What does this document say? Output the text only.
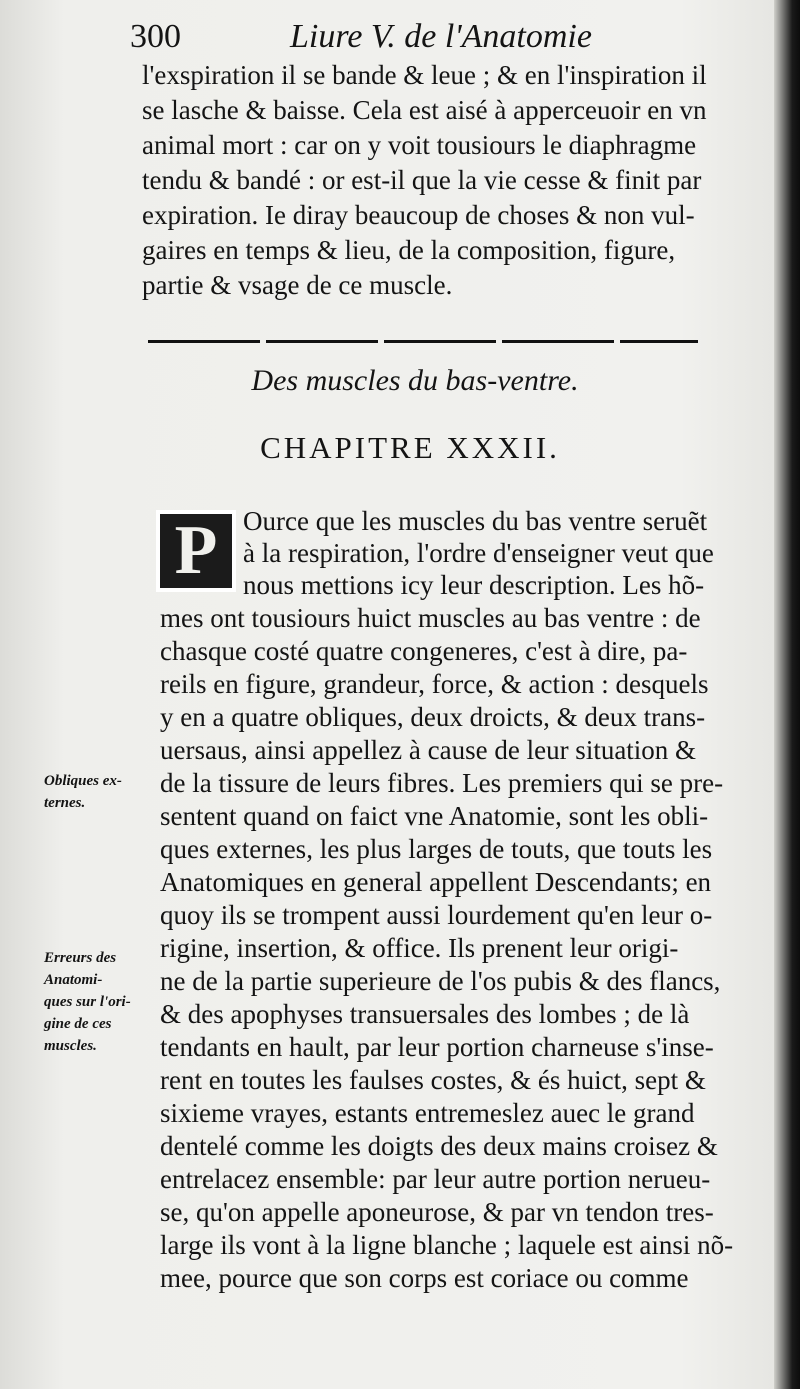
300	Liure V. de l'Anatomie
l'exspiration il se bande & leue ; & en l'inspiration il
se lasche & baisse. Cela est aisé à apperceuoir en vn
animal mort : car on y voit tousiours le diaphragme
tendu & bandé : or est-il que la vie cesse & finit par
expiration. Ie diray beaucoup de choses & non vul-
gaires en temps & lieu, de la composition, figure,
partie & vsage de ce muscle.
Des muscles du bas-ventre.
CHAPITRE XXXII.
P Ource que les muscles du bas ventre seruẽt
à la respiration, l'ordre d'enseigner veut que
nous mettions icy leur description. Les hõ-
mes ont tousiours huict muscles au bas ventre : de
chasque costé quatre congeneres, c'est à dire, pa-
reils en figure, grandeur, force, & action : desquels
y en a quatre obliques, deux droicts, & deux trans-
uersaus, ainsi appellez à cause de leur situation &
de la tissure de leurs fibres. Les premiers qui se pre-
sentent quand on faict vne Anatomie, sont les obli-
ques externes, les plus larges de touts, que touts les
Anatomiques en general appellent Descendants; en
quoy ils se trompent aussi lourdement qu'en leur o-
rigine, insertion, & office. Ils prenent leur origi-
ne de la partie superieure de l'os pubis & des flancs,
& des apophyses transuersales des lombes ; de là
tendants en hault, par leur portion charneuse s'inse-
rent en toutes les faulses costes, & és huict, sept &
sixieme vrayes, estants entremeslez auec le grand
dentelé comme les doigts des deux mains croisez &
entrelacez ensemble: par leur autre portion nerueu-
se, qu'on appelle aponeurose, & par vn tendon tres-
large ils vont à la ligne blanche ; laquele est ainsi nõ-
mee, pource que son corps est coriace ou comme
Obliques ex-
ternes.
Erreurs des
Anatomi-
ques sur l'ori-
gine de ces
muscles.
